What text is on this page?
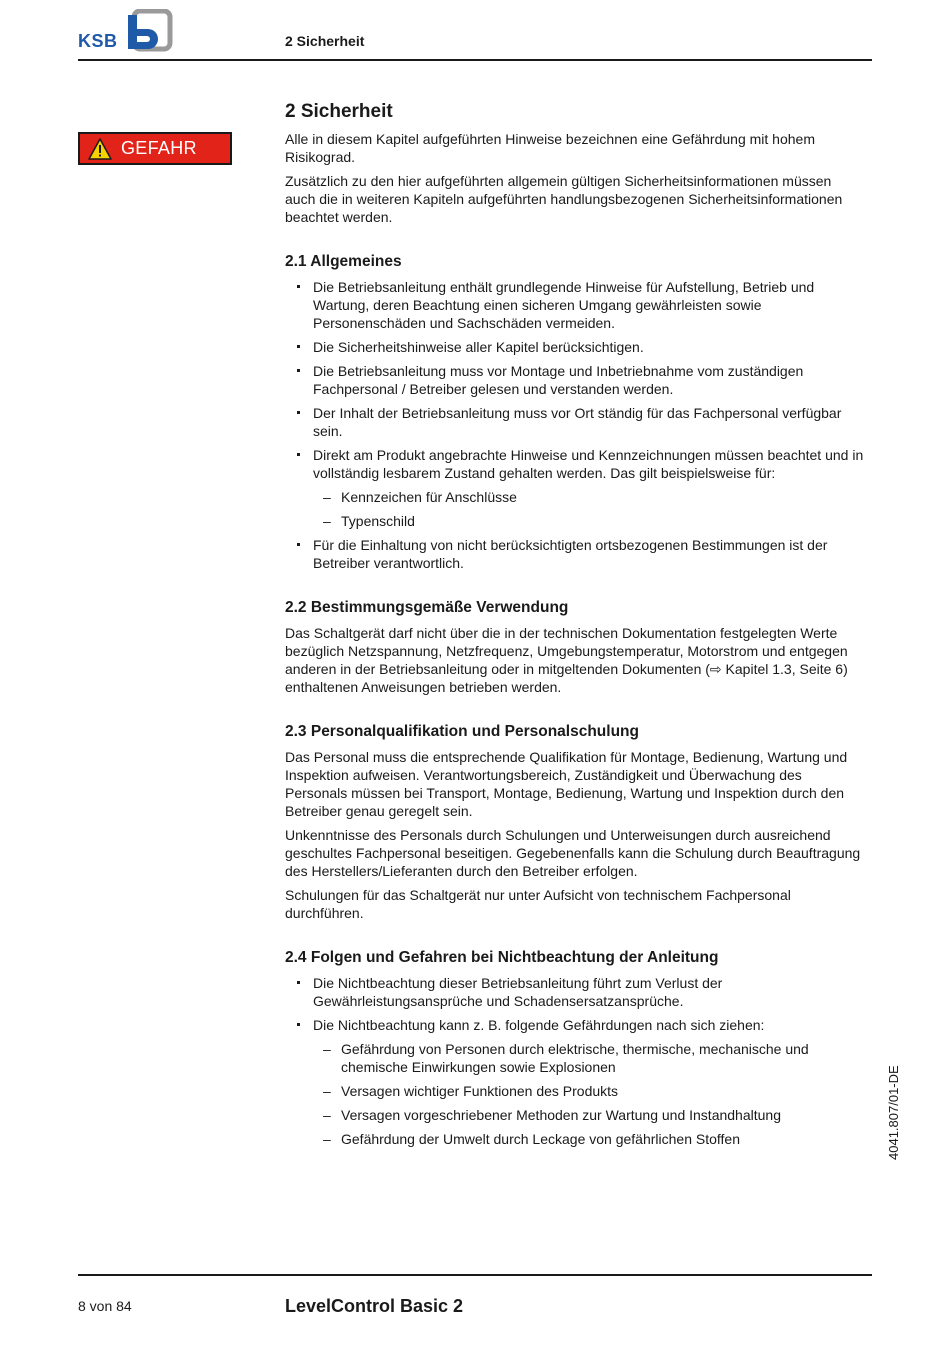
KSB	2 Sicherheit
GEFAHR
2 Sicherheit

Alle in diesem Kapitel aufgeführten Hinweise bezeichnen eine Gefährdung mit hohem Risikograd.

Zusätzlich zu den hier aufgeführten allgemein gültigen Sicherheitsinformationen müssen auch die in weiteren Kapiteln aufgeführten handlungsbezogenen Sicherheitsinformationen beachtet werden.

2.1 Allgemeines
Die Betriebsanleitung enthält grundlegende Hinweise für Aufstellung, Betrieb und Wartung, deren Beachtung einen sicheren Umgang gewährleisten sowie Personenschäden und Sachschäden vermeiden.
Die Sicherheitshinweise aller Kapitel berücksichtigen.
Die Betriebsanleitung muss vor Montage und Inbetriebnahme vom zuständigen Fachpersonal / Betreiber gelesen und verstanden werden.
Der Inhalt der Betriebsanleitung muss vor Ort ständig für das Fachpersonal verfügbar sein.
Direkt am Produkt angebrachte Hinweise und Kennzeichnungen müssen beachtet und in vollständig lesbarem Zustand gehalten werden. Das gilt beispielsweise für:
– Kennzeichen für Anschlüsse
– Typenschild
Für die Einhaltung von nicht berücksichtigten ortsbezogenen Bestimmungen ist der Betreiber verantwortlich.
2.2 Bestimmungsgemäße Verwendung

Das Schaltgerät darf nicht über die in der technischen Dokumentation festgelegten Werte bezüglich Netzspannung, Netzfrequenz, Umgebungstemperatur, Motorstrom und entgegen anderen in der Betriebsanleitung oder in mitgeltenden Dokumenten (⇨ Kapitel 1.3, Seite 6) enthaltenen Anweisungen betrieben werden.

2.3 Personalqualifikation und Personalschulung

Das Personal muss die entsprechende Qualifikation für Montage, Bedienung, Wartung und Inspektion aufweisen. Verantwortungsbereich, Zuständigkeit und Überwachung des Personals müssen bei Transport, Montage, Bedienung, Wartung und Inspektion durch den Betreiber genau geregelt sein.

Unkenntnisse des Personals durch Schulungen und Unterweisungen durch ausreichend geschultes Fachpersonal beseitigen. Gegebenenfalls kann die Schulung durch Beauftragung des Herstellers/Lieferanten durch den Betreiber erfolgen.

Schulungen für das Schaltgerät nur unter Aufsicht von technischem Fachpersonal durchführen.

2.4 Folgen und Gefahren bei Nichtbeachtung der Anleitung
Die Nichtbeachtung dieser Betriebsanleitung führt zum Verlust der Gewährleistungsansprüche und Schadensersatzansprüche.
Die Nichtbeachtung kann z. B. folgende Gefährdungen nach sich ziehen:
– Gefährdung von Personen durch elektrische, thermische, mechanische und chemische Einwirkungen sowie Explosionen
– Versagen wichtiger Funktionen des Produkts
– Versagen vorgeschriebener Methoden zur Wartung und Instandhaltung
– Gefährdung der Umwelt durch Leckage von gefährlichen Stoffen	4041.807/01-DE
8 von 84	LevelControl Basic 2
